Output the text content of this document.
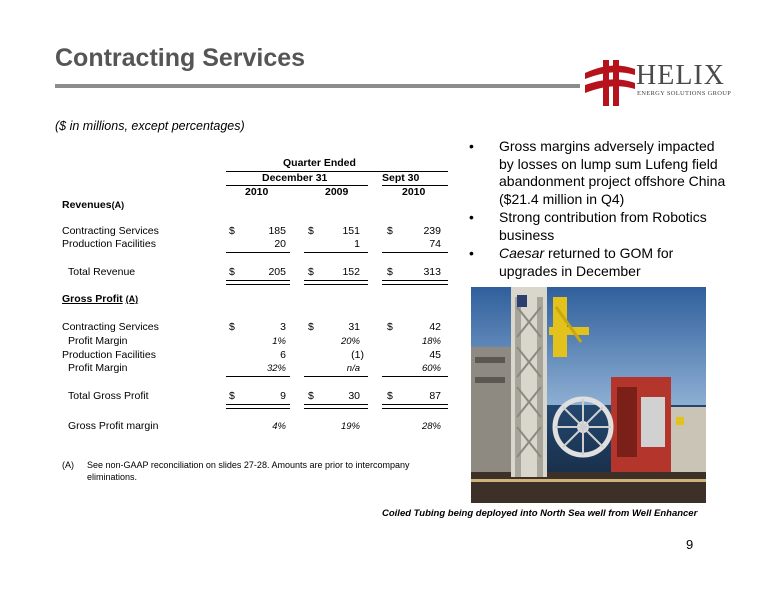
Contracting Services
HELIX
ENERGY SOLUTIONS GROUP
($ in millions, except percentages)
Quarter Ended
December 31	Sept 30
2010	2009	2010
Revenues(A)
Contracting Services	$	185 $	151	$	239
Production Facilities	20	1	74
Total Revenue	$	205 $	152	$	313
Gross Profit (A)
Contracting Services	$	3 $	31	$	42
Profit Margin	1%	20%	18%
Production Facilities	6	(1)	45
Profit Margin	32%	n/a	60%
Total Gross Profit	$	9 $	30	$	87
Gross Profit margin	4%	19%	28%
(A)	See non-GAAP reconciliation on slides 27-28. Amounts are prior to intercompany eliminations.
• Gross margins adversely impacted by losses on lump sum Lufeng field abandonment project offshore China ($21.4 million in Q4)
• Strong contribution from Robotics business
• Caesar returned to GOM for upgrades in December
Coiled Tubing being deployed into North Sea well from Well Enhancer
9
